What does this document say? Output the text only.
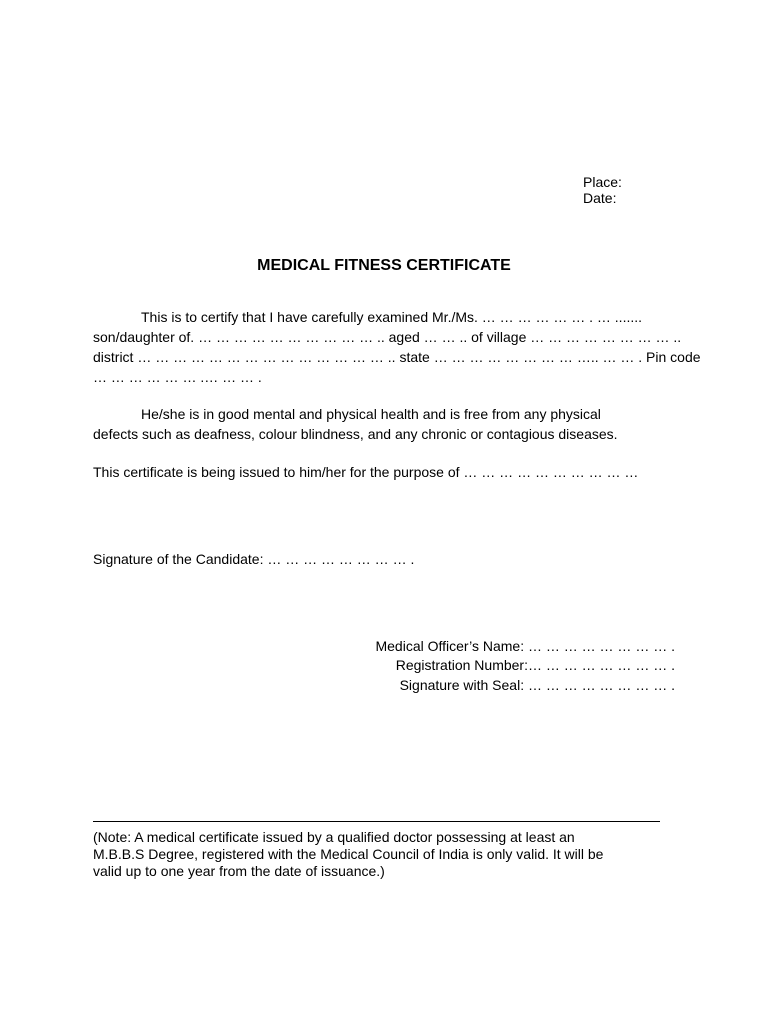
Place:
Date:
MEDICAL FITNESS CERTIFICATE
This is to certify that I have carefully examined Mr./Ms. … … … … … … . … .......
son/daughter of. … … … … … … … … … … .. aged … … .. of village … … … … … … … … ..
district … … … … … … … … … … … … … … .. state … … … … … … … … ….. … … . Pin code
… … … … … … .… … … .
He/she is in good mental and physical health and is free from any physical
defects such as deafness, colour blindness, and any chronic or contagious diseases.
This certificate is being issued to him/her for the purpose of … … … … … … … … … …
Signature of the Candidate: … … … … … … … … .
Medical Officer’s Name: … … … … … … … … .
Registration Number:… … … … … … … … .
Signature with Seal: … … … … … … … … .
(Note: A medical certificate issued by a qualified doctor possessing at least an
M.B.B.S Degree, registered with the Medical Council of India is only valid. It will be
valid up to one year from the date of issuance.)
